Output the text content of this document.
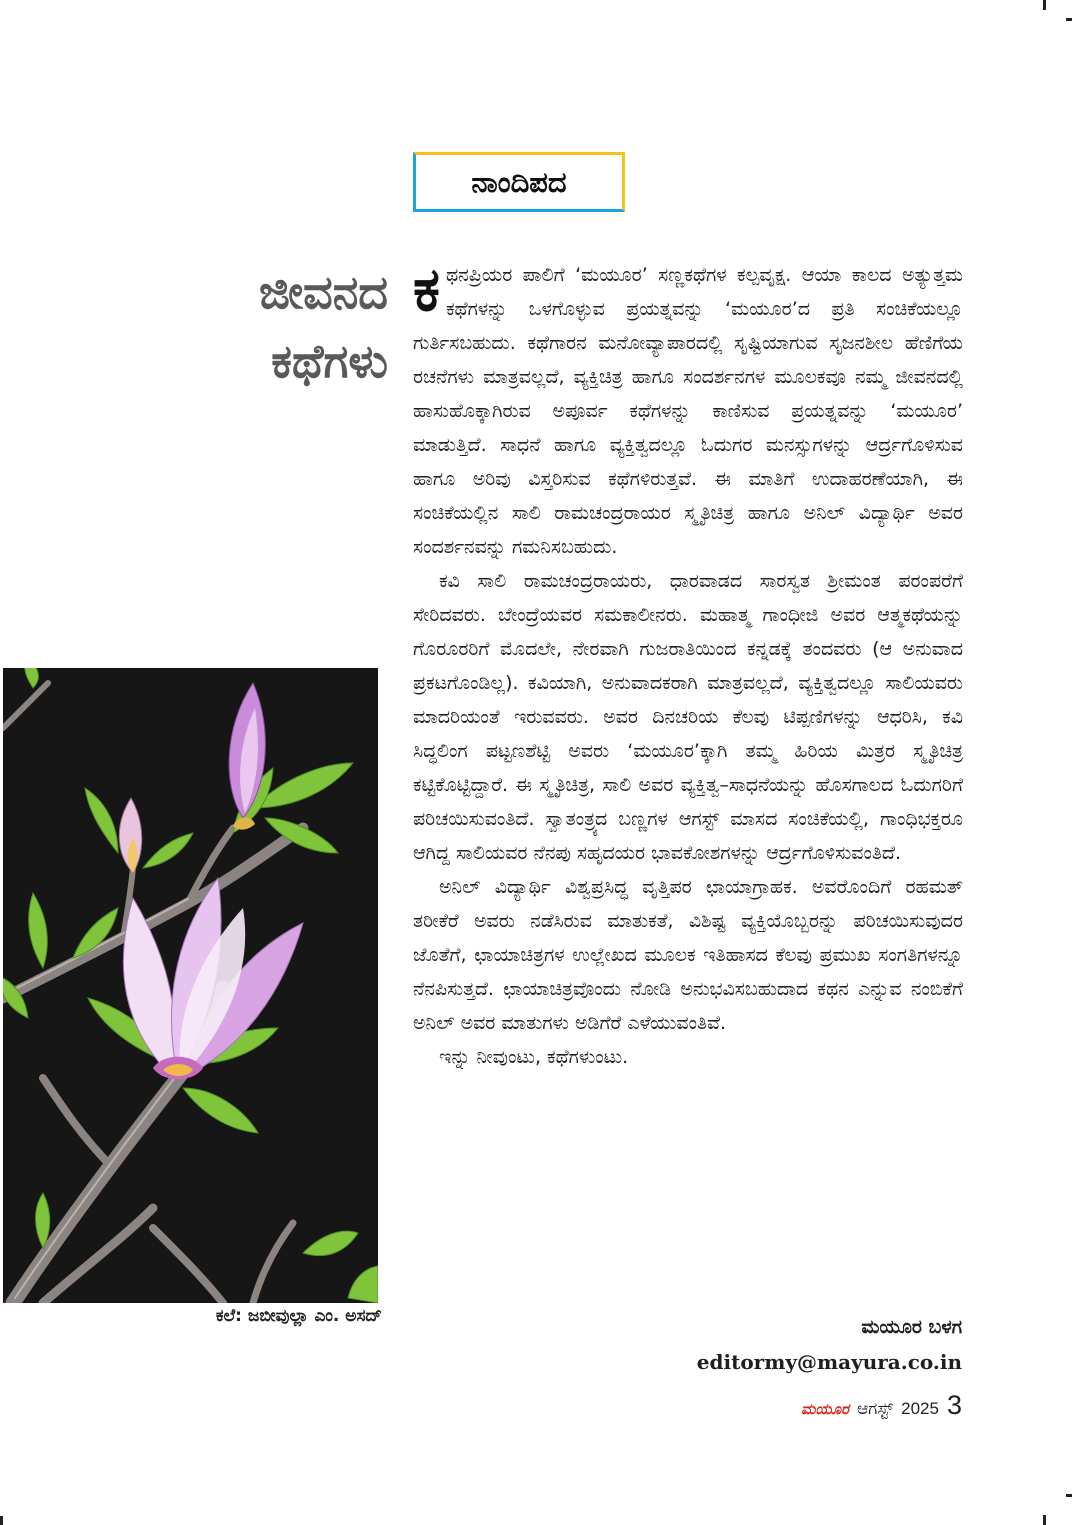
ನಾಂದಿಪದ
ಜೀವನದ
ಕಥೆಗಳು

ಕಥನಪ್ರಿಯರ ಪಾಲಿಗೆ ‘ಮಯೂರ’ ಸಣ್ಣಕಥೆಗಳ ಕಲ್ಪವೃಕ್ಷ. ಆಯಾ ಕಾಲದ ಅತ್ಯುತ್ತಮ ಕಥೆಗಳನ್ನು ಒಳಗೊಳ್ಳುವ ಪ್ರಯತ್ನವನ್ನು ‘ಮಯೂರ’ದ ಪ್ರತಿ ಸಂಚಿಕೆಯಲ್ಲೂ ಗುರ್ತಿಸಬಹುದು. ಕಥೆಗಾರನ ಮನೋವ್ಯಾಪಾರದಲ್ಲಿ ಸೃಷ್ಟಿಯಾಗುವ ಸೃಜನಶೀಲ ಹೆಣಿಗೆಯ ರಚನೆಗಳು ಮಾತ್ರವಲ್ಲದೆ, ವ್ಯಕ್ತಿಚಿತ್ರ ಹಾಗೂ ಸಂದರ್ಶನಗಳ ಮೂಲಕವೂ ನಮ್ಮ ಜೀವನದಲ್ಲಿ ಹಾಸುಹೊಕ್ಕಾಗಿರುವ ಅಪೂರ್ವ ಕಥೆಗಳನ್ನು ಕಾಣಿಸುವ ಪ್ರಯತ್ನವನ್ನು ‘ಮಯೂರ’ ಮಾಡುತ್ತಿದೆ. ಸಾಧನೆ ಹಾಗೂ ವ್ಯಕ್ತಿತ್ವದಲ್ಲೂ ಓದುಗರ ಮನಸ್ಸುಗಳನ್ನು ಆರ್ದ್ರಗೊಳಿಸುವ ಹಾಗೂ ಅರಿವು ವಿಸ್ತರಿಸುವ ಕಥೆಗಳಿರುತ್ತವೆ. ಈ ಮಾತಿಗೆ ಉದಾಹರಣೆಯಾಗಿ, ಈ ಸಂಚಿಕೆಯಲ್ಲಿನ ಸಾಲಿ ರಾಮಚಂದ್ರರಾಯರ ಸ್ಮೃತಿಚಿತ್ರ ಹಾಗೂ ಅನಿಲ್ ವಿದ್ಯಾರ್ಥಿ ಅವರ ಸಂದರ್ಶನವನ್ನು ಗಮನಿಸಬಹುದು.

ಕವಿ ಸಾಲಿ ರಾಮಚಂದ್ರರಾಯರು, ಧಾರವಾಡದ ಸಾರಸ್ವತ ಶ್ರೀಮಂತ ಪರಂಪರೆಗೆ ಸೇರಿದವರು. ಬೇಂದ್ರೆಯವರ ಸಮಕಾಲೀನರು. ಮಹಾತ್ಮ ಗಾಂಧೀಜಿ ಅವರ ಆತ್ಮಕಥೆಯನ್ನು ಗೊರೂರರಿಗೆ ಮೊದಲೇ, ನೇರವಾಗಿ ಗುಜರಾತಿಯಿಂದ ಕನ್ನಡಕ್ಕೆ ತಂದವರು (ಆ ಅನುವಾದ ಪ್ರಕಟಗೊಂಡಿಲ್ಲ). ಕವಿಯಾಗಿ, ಅನುವಾದಕರಾಗಿ ಮಾತ್ರವಲ್ಲದೆ, ವ್ಯಕ್ತಿತ್ವದಲ್ಲೂ ಸಾಲಿಯವರು ಮಾದರಿಯಂತೆ ಇರುವವರು. ಅವರ ದಿನಚರಿಯ ಕೆಲವು ಟಿಪ್ಪಣಿಗಳನ್ನು ಆಧರಿಸಿ, ಕವಿ ಸಿದ್ಧಲಿಂಗ ಪಟ್ಟಣಶೆಟ್ಟಿ ಅವರು ‘ಮಯೂರ’ಕ್ಕಾಗಿ ತಮ್ಮ ಹಿರಿಯ ಮಿತ್ರರ ಸ್ಮೃತಿಚಿತ್ರ ಕಟ್ಟಿಕೊಟ್ಟಿದ್ದಾರೆ. ಈ ಸ್ಮೃತಿಚಿತ್ರ, ಸಾಲಿ ಅವರ ವ್ಯಕ್ತಿತ್ವ–ಸಾಧನೆಯನ್ನು ಹೊಸಗಾಲದ ಓದುಗರಿಗೆ ಪರಿಚಯಿಸುವಂತಿದೆ. ಸ್ವಾತಂತ್ರ್ಯದ ಬಣ್ಣಗಳ ಆಗಸ್ಟ್ ಮಾಸದ ಸಂಚಿಕೆಯಲ್ಲಿ, ಗಾಂಧಿಭಕ್ತರೂ ಆಗಿದ್ದ ಸಾಲಿಯವರ ನೆನಪು ಸಹೃದಯರ ಭಾವಕೋಶಗಳನ್ನು ಆರ್ದ್ರಗೊಳಿಸುವಂತಿದೆ.

ಅನಿಲ್ ವಿದ್ಯಾರ್ಥಿ ವಿಶ್ವಪ್ರಸಿದ್ಧ ವೃತ್ತಿಪರ ಛಾಯಾಗ್ರಾಹಕ. ಅವರೊಂದಿಗೆ ರಹಮತ್ ತರೀಕೆರೆ ಅವರು ನಡೆಸಿರುವ ಮಾತುಕತೆ, ವಿಶಿಷ್ಟ ವ್ಯಕ್ತಿಯೊಬ್ಬರನ್ನು ಪರಿಚಯಿಸುವುದರ ಜೊತೆಗೆ, ಛಾಯಾಚಿತ್ರಗಳ ಉಲ್ಲೇಖದ ಮೂಲಕ ಇತಿಹಾಸದ ಕೆಲವು ಪ್ರಮುಖ ಸಂಗತಿಗಳನ್ನೂ ನೆನಪಿಸುತ್ತದೆ. ಛಾಯಾಚಿತ್ರವೊಂದು ನೋಡಿ ಅನುಭವಿಸಬಹುದಾದ ಕಥನ ಎನ್ನುವ ನಂಬಿಕೆಗೆ ಅನಿಲ್ ಅವರ ಮಾತುಗಳು ಅಡಿಗೆರೆ ಎಳೆಯುವಂತಿವೆ.

ಇನ್ನು ನೀವುಂಟು, ಕಥೆಗಳುಂಟು.

ಕಲೆ: ಜಬೀವುಲ್ಲಾ ಎಂ. ಅಸದ್	ಮಯೂರ ಬಳಗ
editormy@mayura.co.in
ಮಯೂರ ಆಗಸ್ಟ್ 2025 3
